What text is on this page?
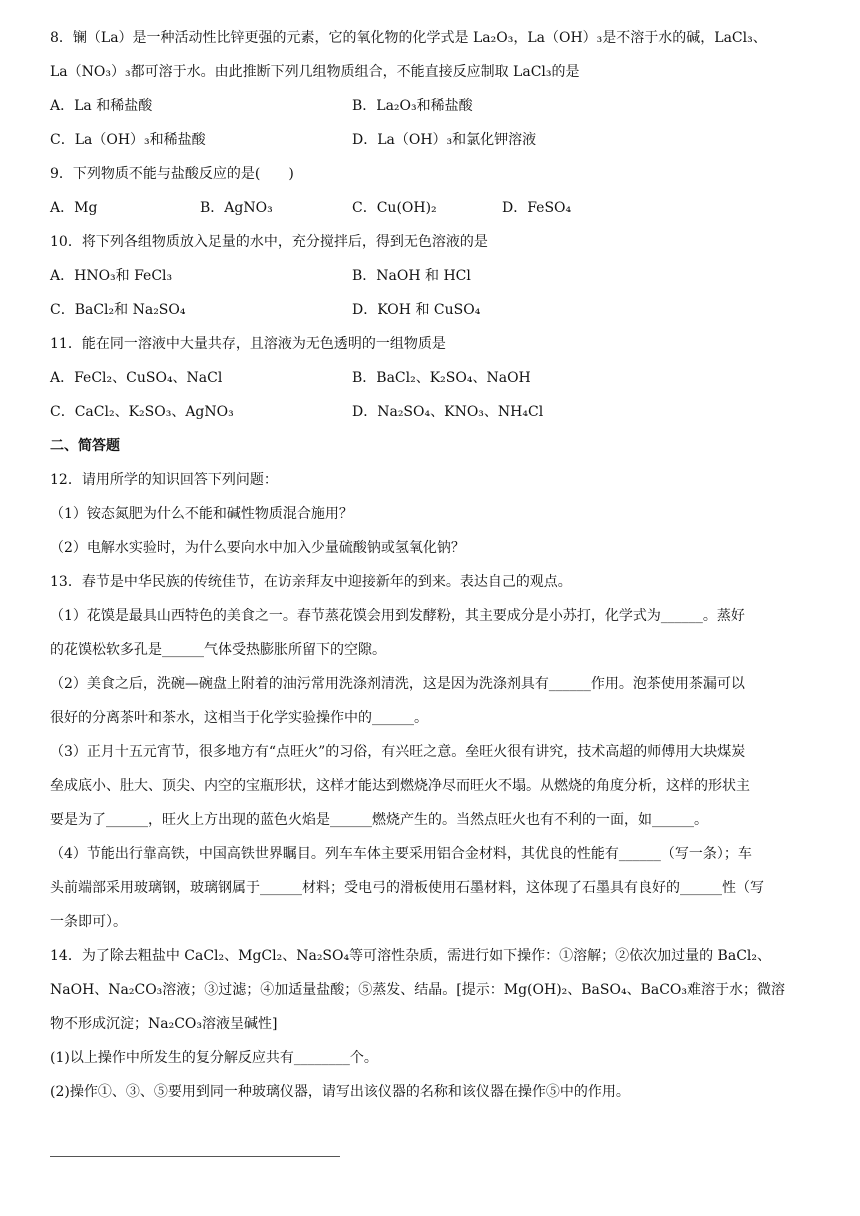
8．镧（La）是一种活动性比锌更强的元素，它的氧化物的化学式是 La₂O₃，La（OH）₃是不溶于水的碱，LaCl₃、
La（NO₃）₃都可溶于水。由此推断下列几组物质组合，不能直接反应制取 LaCl₃的是
A．La 和稀盐酸	B．La₂O₃和稀盐酸
C．La（OH）₃和稀盐酸	D．La（OH）₃和氯化钾溶液
9．下列物质不能与盐酸反应的是(　　)
A．Mg	B．AgNO₃	C．Cu(OH)₂	D．FeSO₄
10．将下列各组物质放入足量的水中，充分搅拌后，得到无色溶液的是
A．HNO₃和 FeCl₃	B．NaOH 和 HCl
C．BaCl₂和 Na₂SO₄	D．KOH 和 CuSO₄
11．能在同一溶液中大量共存，且溶液为无色透明的一组物质是
A．FeCl₂、CuSO₄、NaCl	B．BaCl₂、K₂SO₄、NaOH
C．CaCl₂、K₂SO₃、AgNO₃	D．Na₂SO₄、KNO₃、NH₄Cl
二、简答题
12．请用所学的知识回答下列问题：
（1）铵态氮肥为什么不能和碱性物质混合施用？
（2）电解水实验时，为什么要向水中加入少量硫酸钠或氢氧化钠？
13．春节是中华民族的传统佳节，在访亲拜友中迎接新年的到来。表达自己的观点。
（1）花馍是最具山西特色的美食之一。春节蒸花馍会用到发酵粉，其主要成分是小苏打，化学式为______。蒸好
的花馍松软多孔是______气体受热膨胀所留下的空隙。
（2）美食之后，洗碗—碗盘上附着的油污常用洗涤剂清洗，这是因为洗涤剂具有______作用。泡茶使用茶漏可以
很好的分离茶叶和茶水，这相当于化学实验操作中的______。
（3）正月十五元宵节，很多地方有“点旺火”的习俗，有兴旺之意。垒旺火很有讲究，技术高超的师傅用大块煤炭
垒成底小、肚大、顶尖、内空的宝瓶形状，这样才能达到燃烧净尽而旺火不塌。从燃烧的角度分析，这样的形状主
要是为了______，旺火上方出现的蓝色火焰是______燃烧产生的。当然点旺火也有不利的一面，如______。
（4）节能出行靠高铁，中国高铁世界瞩目。列车车体主要采用铝合金材料，其优良的性能有______（写一条）；车
头前端部采用玻璃钢，玻璃钢属于______材料；受电弓的滑板使用石墨材料，这体现了石墨具有良好的______性（写
一条即可）。
14．为了除去粗盐中 CaCl₂、MgCl₂、Na₂SO₄等可溶性杂质，需进行如下操作：①溶解；②依次加过量的 BaCl₂、
NaOH、Na₂CO₃溶液；③过滤；④加适量盐酸；⑤蒸发、结晶。[提示：Mg(OH)₂、BaSO₄、BaCO₃难溶于水；微溶
物不形成沉淀；Na₂CO₃溶液呈碱性]
(1)以上操作中所发生的复分解反应共有________个。
(2)操作①、③、⑤要用到同一种玻璃仪器，请写出该仪器的名称和该仪器在操作⑤中的作用。
